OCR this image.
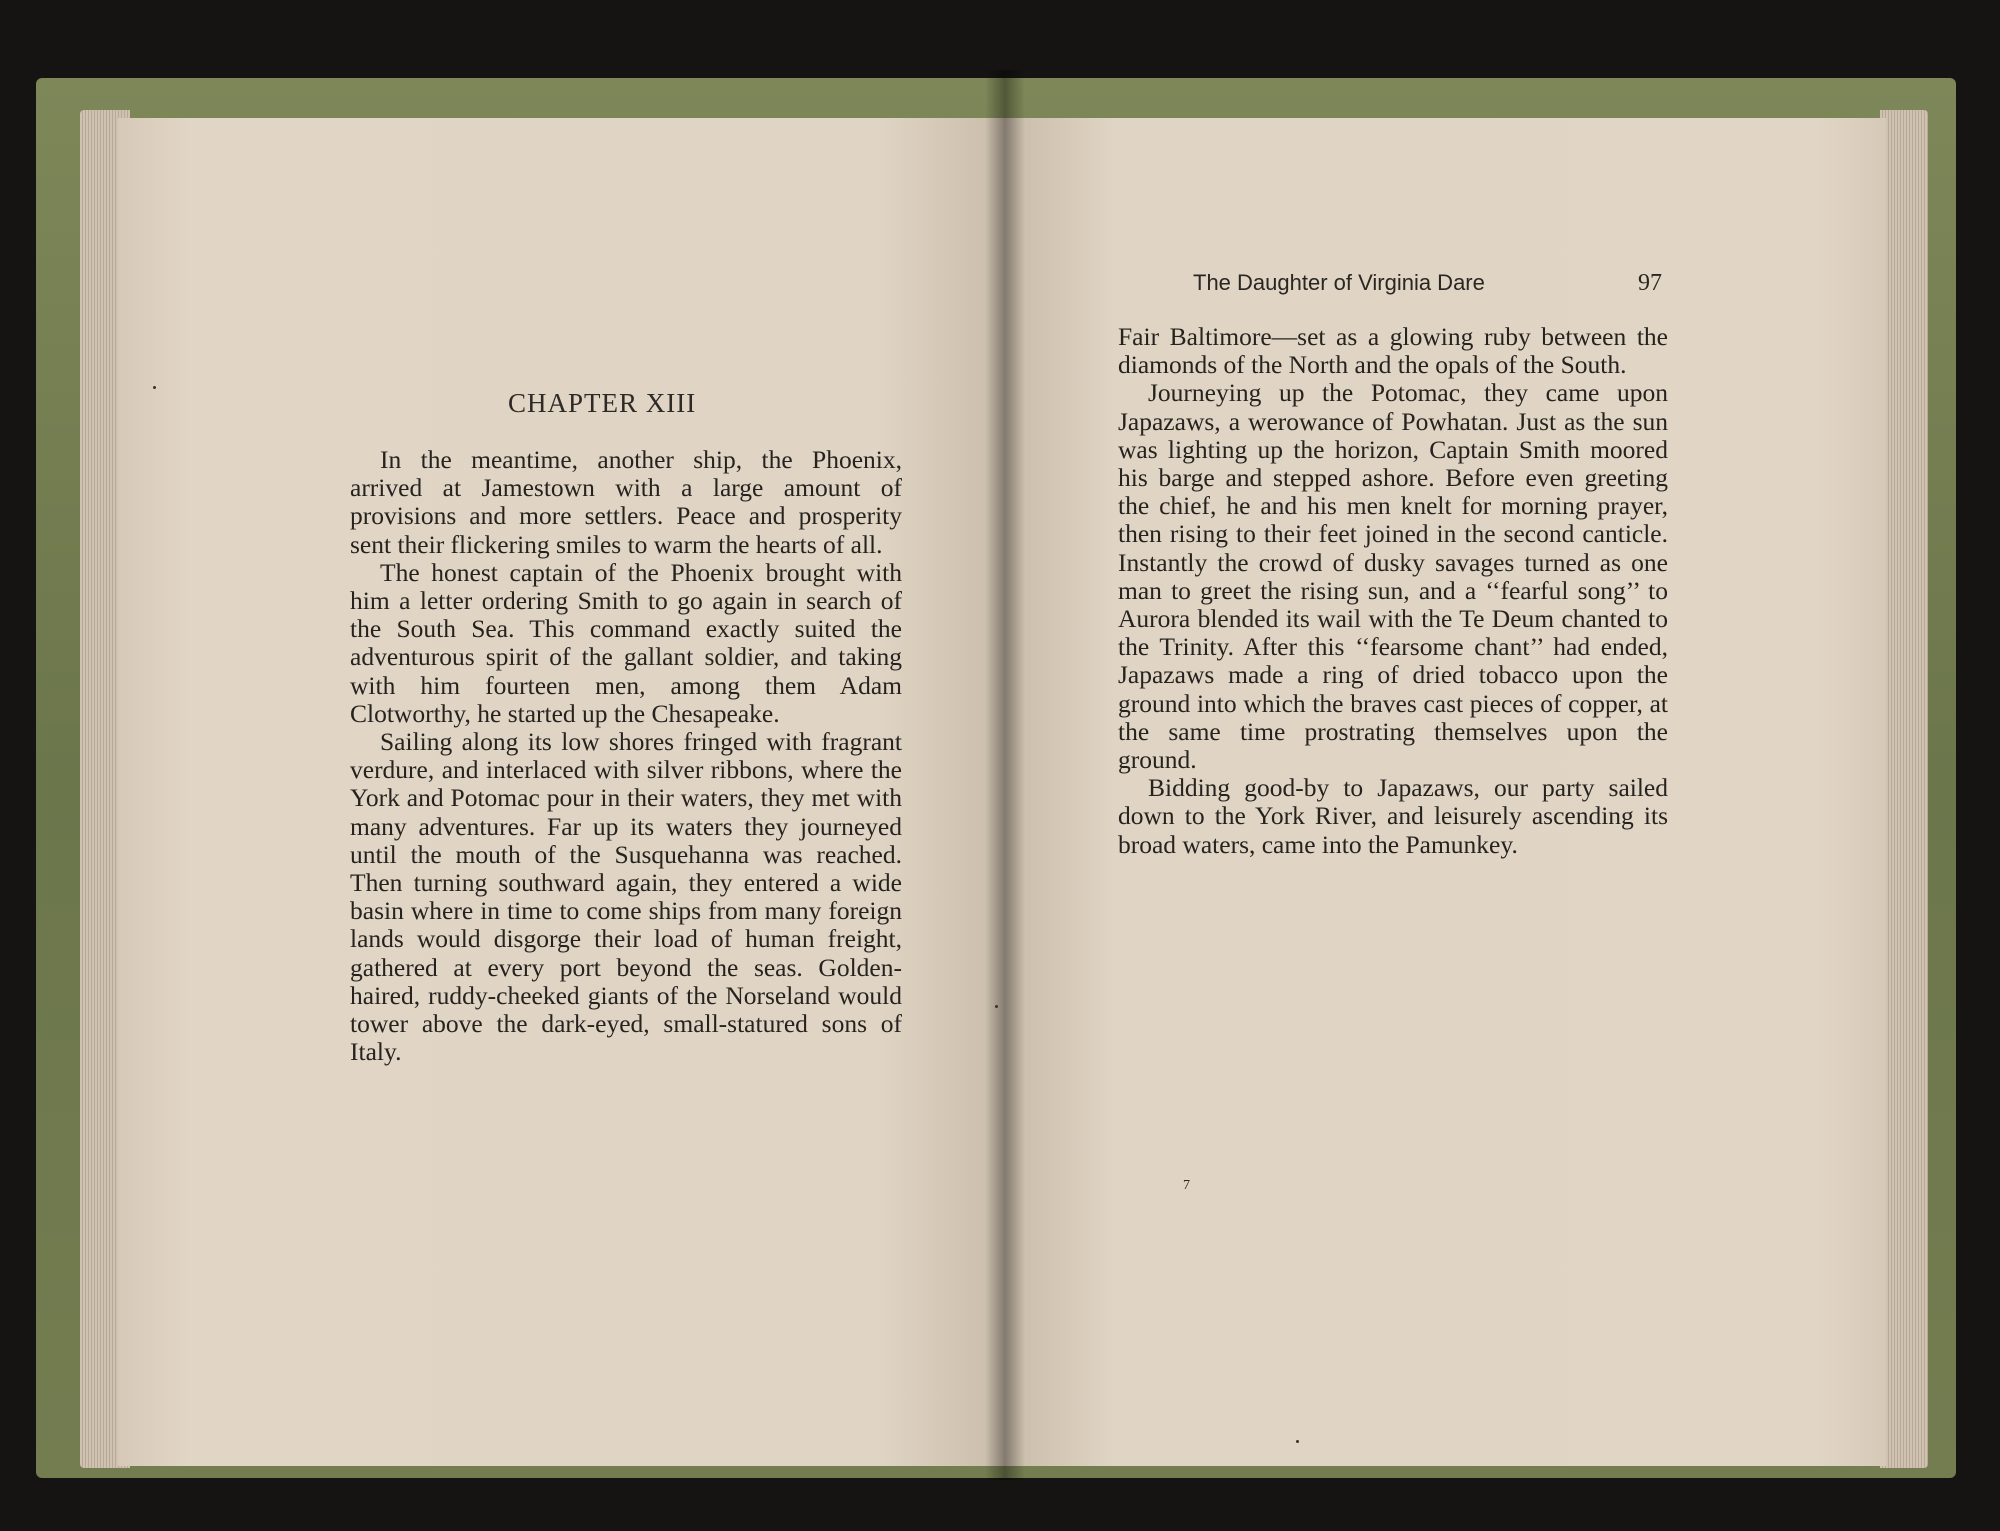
CHAPTER XIII

In the meantime, another ship, the Phoenix, arrived at Jamestown with a large amount of provisions and more settlers. Peace and prosperity sent their flickering smiles to warm the hearts of all.

The honest captain of the Phoenix brought with him a letter ordering Smith to go again in search of the South Sea. This command exactly suited the adventurous spirit of the gallant soldier, and taking with him fourteen men, among them Adam Clotworthy, he started up the Chesapeake.

Sailing along its low shores fringed with fragrant verdure, and interlaced with silver ribbons, where the York and Potomac pour in their waters, they met with many adventures. Far up its waters they journeyed until the mouth of the Susquehanna was reached. Then turning southward again, they entered a wide basin where in time to come ships from many foreign lands would disgorge their load of human freight, gathered at every port beyond the seas. Golden-haired, ruddy-cheeked giants of the Norseland would tower above the dark-eyed, small-statured sons of Italy.

The Daughter of Virginia Dare	97

Fair Baltimore—set as a glowing ruby between the diamonds of the North and the opals of the South.

Journeying up the Potomac, they came upon Japazaws, a werowance of Powhatan. Just as the sun was lighting up the horizon, Captain Smith moored his barge and stepped ashore. Before even greeting the chief, he and his men knelt for morning prayer, then rising to their feet joined in the second canticle. Instantly the crowd of dusky savages turned as one man to greet the rising sun, and a ‘‘fearful song’’ to Aurora blended its wail with the Te Deum chanted to the Trinity. After this ‘‘fearsome chant’’ had ended, Japazaws made a ring of dried tobacco upon the ground into which the braves cast pieces of copper, at the same time prostrating themselves upon the ground.

Bidding good-by to Japazaws, our party sailed down to the York River, and leisurely ascending its broad waters, came into the Pamunkey.

7
